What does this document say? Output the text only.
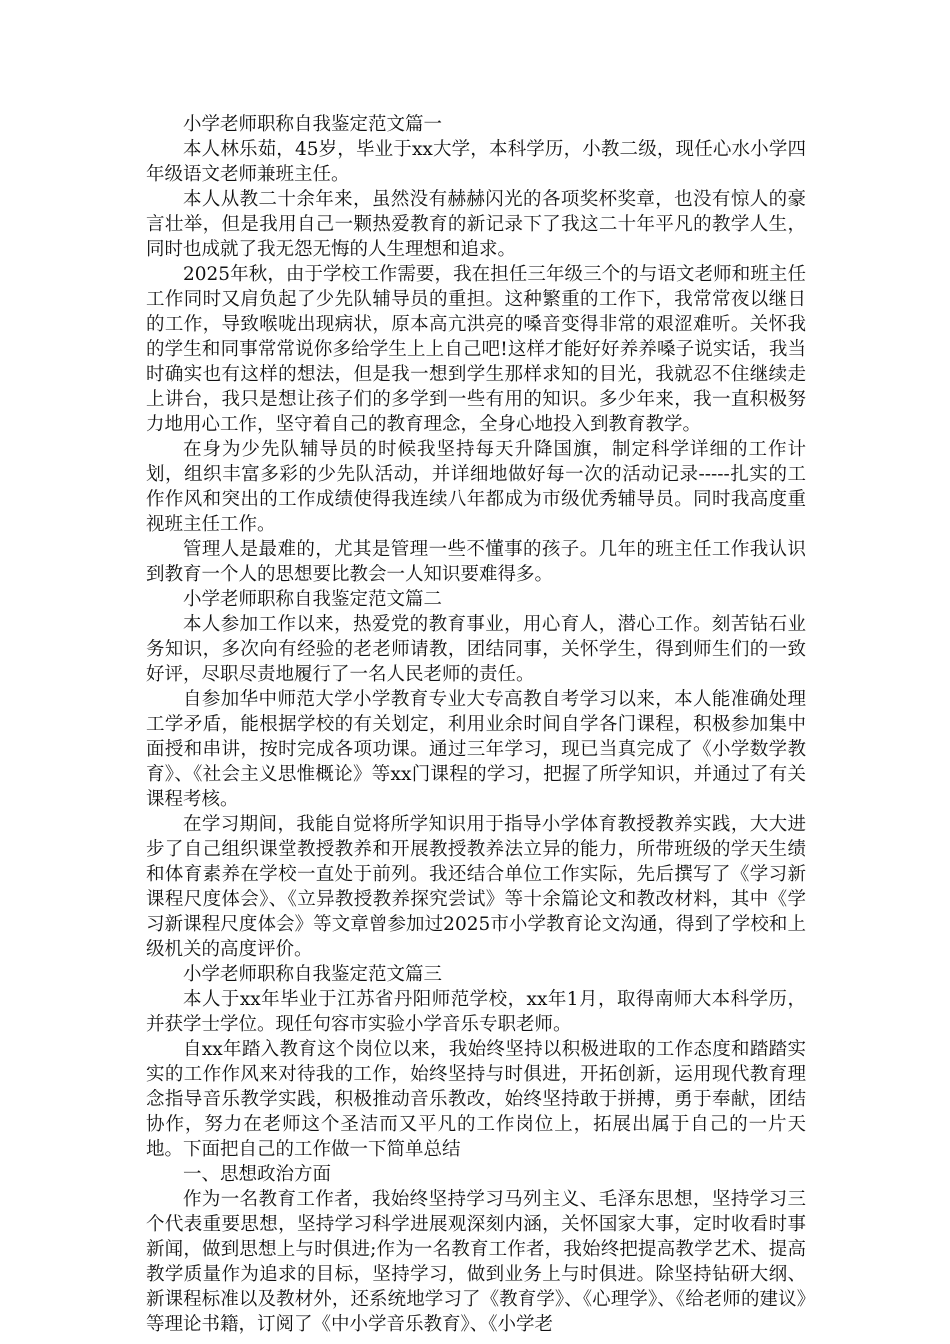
小学老师职称自我鉴定范文篇一

本人林乐茹，45岁，毕业于xx大学，本科学历，小教二级，现任心水小学四年级语文老师兼班主任。

本人从教二十余年来，虽然没有赫赫闪光的各项奖杯奖章，也没有惊人的豪言壮举，但是我用自己一颗热爱教育的新记录下了我这二十年平凡的教学人生，同时也成就了我无怨无悔的人生理想和追求。

2025年秋，由于学校工作需要，我在担任三年级三个的与语文老师和班主任工作同时又肩负起了少先队辅导员的重担。这种繁重的工作下，我常常夜以继日的工作，导致喉咙出现病状，原本高亢洪亮的嗓音变得非常的艰涩难听。关怀我的学生和同事常常说你多给学生上上自己吧!这样才能好好养养嗓子说实话，我当时确实也有这样的想法，但是我一想到学生那样求知的目光，我就忍不住继续走上讲台，我只是想让孩子们的多学到一些有用的知识。多少年来，我一直积极努力地用心工作，坚守着自己的教育理念，全身心地投入到教育教学。

在身为少先队辅导员的时候我坚持每天升降国旗，制定科学详细的工作计划，组织丰富多彩的少先队活动，并详细地做好每一次的活动记录-----扎实的工作作风和突出的工作成绩使得我连续八年都成为市级优秀辅导员。同时我高度重视班主任工作。

管理人是最难的，尤其是管理一些不懂事的孩子。几年的班主任工作我认识到教育一个人的思想要比教会一人知识要难得多。

小学老师职称自我鉴定范文篇二

本人参加工作以来，热爱党的教育事业，用心育人，潜心工作。刻苦钻石业务知识，多次向有经验的老老师请教，团结同事，关怀学生，得到师生们的一致好评，尽职尽责地履行了一名人民老师的责任。

自参加华中师范大学小学教育专业大专高教自考学习以来，本人能准确处理工学矛盾，能根据学校的有关划定，利用业余时间自学各门课程，积极参加集中面授和串讲，按时完成各项功课。通过三年学习，现已当真完成了《小学数学教育》、《社会主义思惟概论》等xx门课程的学习，把握了所学知识，并通过了有关课程考核。

在学习期间，我能自觉将所学知识用于指导小学体育教授教养实践，大大进步了自己组织课堂教授教养和开展教授教养法立异的能力，所带班级的学天生绩和体育素养在学校一直处于前列。我还结合单位工作实际，先后撰写了《学习新课程尺度体会》、《立异教授教养探究尝试》等十余篇论文和教改材料，其中《学习新课程尺度体会》等文章曾参加过2025市小学教育论文沟通，得到了学校和上级机关的高度评价。

小学老师职称自我鉴定范文篇三

本人于xx年毕业于江苏省丹阳师范学校，xx年1月，取得南师大本科学历，并获学士学位。现任句容市实验小学音乐专职老师。

自xx年踏入教育这个岗位以来，我始终坚持以积极进取的工作态度和踏踏实实的工作作风来对待我的工作，始终坚持与时俱进，开拓创新，运用现代教育理念指导音乐教学实践，积极推动音乐教改，始终坚持敢于拼搏，勇于奉献，团结协作，努力在老师这个圣洁而又平凡的工作岗位上，拓展出属于自己的一片天地。下面把自己的工作做一下简单总结

一、思想政治方面

作为一名教育工作者，我始终坚持学习马列主义、毛泽东思想，坚持学习三个代表重要思想，坚持学习科学进展观深刻内涵，关怀国家大事，定时收看时事新闻，做到思想上与时俱进;作为一名教育工作者，我始终把提高教学艺术、提高教学质量作为追求的目标，坚持学习，做到业务上与时俱进。除坚持钻研大纲、新课程标准以及教材外，还系统地学习了《教育学》、《心理学》、《给老师的建议》等理论书籍，订阅了《中小学音乐教育》、《小学老
